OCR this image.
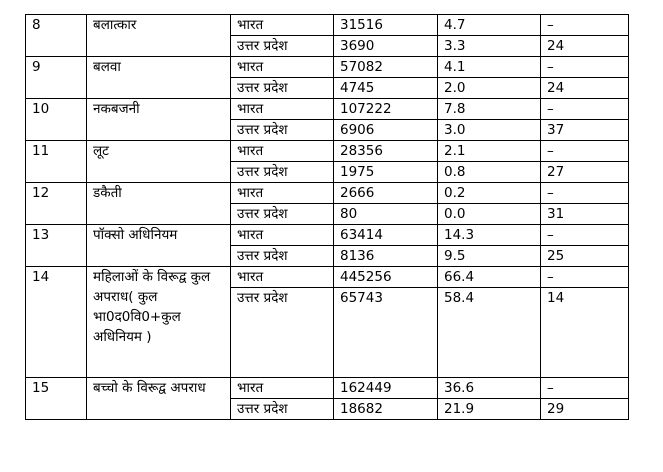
8	बलात्कार	भारत	31516	4.7	–
		उत्तर प्रदेश	3690	3.3	24
9	बलवा	भारत	57082	4.1	–
		उत्तर प्रदेश	4745	2.0	24
10	नकबजनी	भारत	107222	7.8	–
		उत्तर प्रदेश	6906	3.0	37
11	लूट	भारत	28356	2.1	–
		उत्तर प्रदेश	1975	0.8	27
12	डकैती	भारत	2666	0.2	–
		उत्तर प्रदेश	80	0.0	31
13	पॉक्सो अधिनियम	भारत	63414	14.3	–
		उत्तर प्रदेश	8136	9.5	25
14	महिलाओं के विरूद्व कुल अपराध( कुल भा0द0वि0+कुल अधिनियम )	भारत	445256	66.4	–
		उत्तर प्रदेश	65743	58.4	14
15	बच्चो के विरूद्व अपराध	भारत	162449	36.6	–
		उत्तर प्रदेश	18682	21.9	29
